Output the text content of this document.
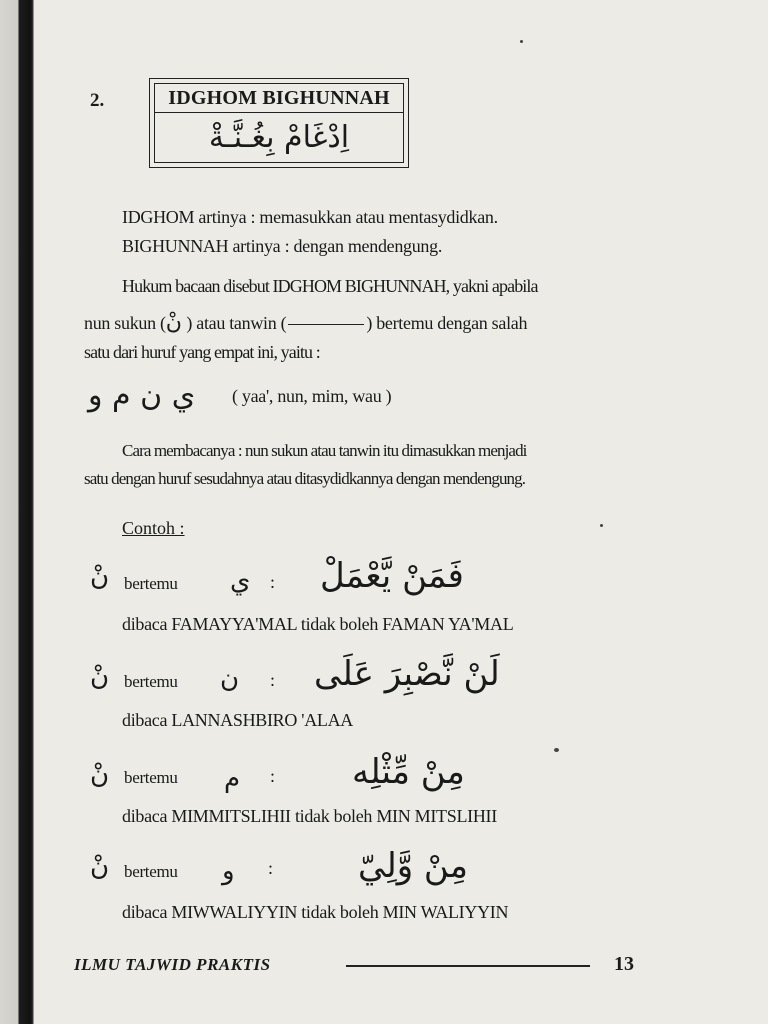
2.	IDGHOM BIGHUNNAH
اِدْغَامْ بِغُـنَّـةْ
IDGHOM artinya : memasukkan atau mentasydidkan.
BIGHUNNAH artinya : dengan mendengung.
Hukum bacaan disebut IDGHOM BIGHUNNAH, yakni apabila
nun sukun (نْ ) atau tanwin (	) bertemu dengan salah
satu dari huruf yang empat ini, yaitu :
ي ن م و ( yaa', nun, mim, wau )
Cara membacanya : nun sukun atau tanwin itu dimasukkan menjadi
satu dengan huruf sesudahnya atau ditasydidkannya dengan mendengung.
Contoh :
نْ bertemu ي : فَمَنْ يَّعْمَلْ
dibaca FAMAYYA'MAL tidak boleh FAMAN YA'MAL
نْ bertemu ن : لَنْ نَّصْبِرَ عَلَى
dibaca LANNASHBIRO 'ALAA
نْ bertemu م : مِنْ مِّثْلِه
dibaca MIMMITSLIHII tidak boleh MIN MITSLIHII
نْ bertemu و :	مِنْ وَّلِيّ
dibaca MIWWALIYYIN tidak boleh MIN WALIYYIN
ILMU TAJWID PRAKTIS	13
